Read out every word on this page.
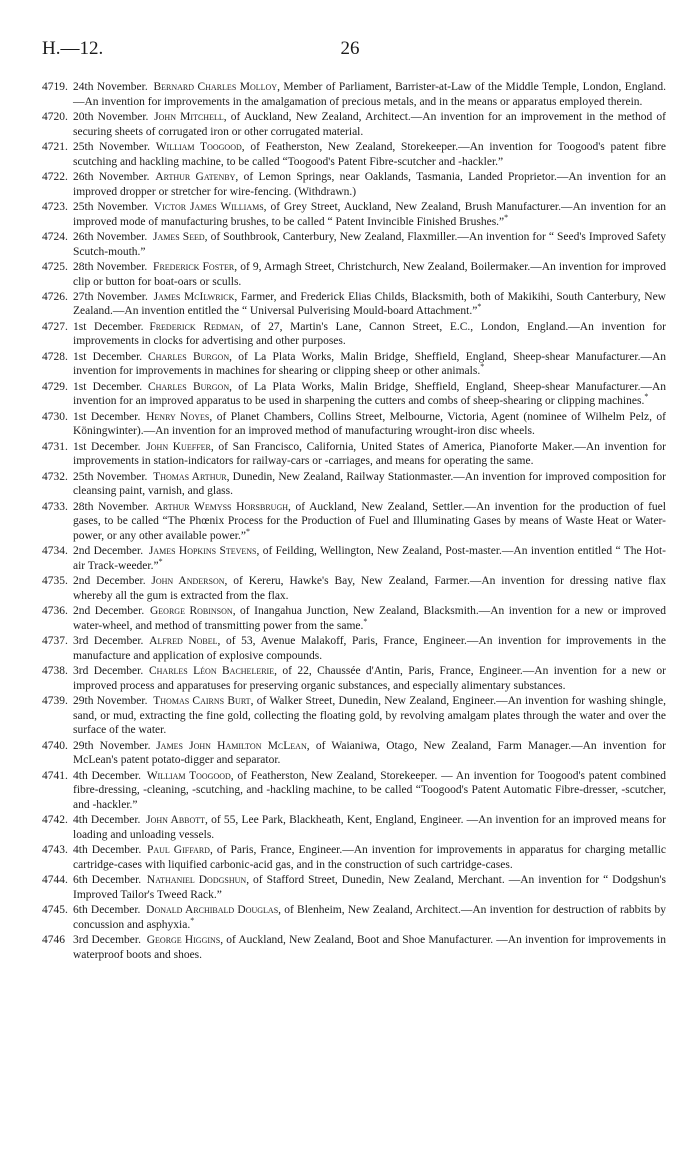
H.—12.	26

4719. 24th November.  Bernard Charles Molloy, Member of Parliament, Barrister-at-Law of the Middle Temple, London, England.—An invention for improvements in the amalgamation of precious metals, and in the means or apparatus employed therein.

4720. 20th November.  John Mitchell, of Auckland, New Zealand, Architect.—An invention for an improvement in the method of securing sheets of corrugated iron or other corrugated material.

4721. 25th November.  William Toogood, of Featherston, New Zealand, Storekeeper.—An invention for Toogood's patent fibre scutching and hackling machine, to be called “Toogood's Patent Fibre-scutcher and -hackler.”

4722. 26th November.  Arthur Gatenby, of Lemon Springs, near Oaklands, Tasmania, Landed Proprietor.—An invention for an improved dropper or stretcher for wire-fencing. (Withdrawn.)

4723. 25th November.  Victor James Williams, of Grey Street, Auckland, New Zealand, Brush Manufacturer.—An invention for an improved mode of manufacturing brushes, to be called “ Patent Invincible Finished Brushes.”*

4724. 26th November.  James Seed, of Southbrook, Canterbury, New Zealand, Flaxmiller.—An invention for “ Seed's Improved Safety Scutch-mouth.”

4725. 28th November.  Frederick Foster, of 9, Armagh Street, Christchurch, New Zealand, Boilermaker.—An invention for improved clip or button for boat-oars or sculls.

4726. 27th November.  James McIlwrick, Farmer, and Frederick Elias Childs, Blacksmith, both of Makikihi, South Canterbury, New Zealand.—An invention entitled the “ Universal Pulverising Mould-board Attachment.”*

4727. 1st December.  Frederick Redman, of 27, Martin's Lane, Cannon Street, E.C., London, England.—An invention for improvements in clocks for advertising and other purposes.

4728. 1st December.  Charles Burgon, of La Plata Works, Malin Bridge, Sheffield, England, Sheep-shear Manufacturer.—An invention for improvements in machines for shearing or clipping sheep or other animals.*

4729. 1st December.  Charles Burgon, of La Plata Works, Malin Bridge, Sheffield, England, Sheep-shear Manufacturer.—An invention for an improved apparatus to be used in sharpening the cutters and combs of sheep-shearing or clipping machines.*

4730. 1st December.  Henry Noyes, of Planet Chambers, Collins Street, Melbourne, Victoria, Agent (nominee of Wilhelm Pelz, of Köningwinter).—An invention for an improved method of manufacturing wrought-iron disc wheels.

4731. 1st December.  John Kueffer, of San Francisco, California, United States of America, Pianoforte Maker.—An invention for improvements in station-indicators for railway-cars or -carriages, and means for operating the same.

4732. 25th November.  Thomas Arthur, Dunedin, New Zealand, Railway Stationmaster.—An invention for improved composition for cleansing paint, varnish, and glass.

4733. 28th November.  Arthur Wemyss Horsbrugh, of Auckland, New Zealand, Settler.—An invention for the production of fuel gases, to be called “The Phœnix Process for the Production of Fuel and Illuminating Gases by means of Waste Heat or Water-power, or any other available power.”*

4734. 2nd December.  James Hopkins Stevens, of Feilding, Wellington, New Zealand, Post-master.—An invention entitled “ The Hot-air Track-weeder.”*

4735. 2nd December.  John Anderson, of Kereru, Hawke's Bay, New Zealand, Farmer.—An invention for dressing native flax whereby all the gum is extracted from the flax.

4736. 2nd December.  George Robinson, of Inangahua Junction, New Zealand, Blacksmith.—An invention for a new or improved water-wheel, and method of transmitting power from the same.*

4737. 3rd December.  Alfred Nobel, of 53, Avenue Malakoff, Paris, France, Engineer.—An invention for improvements in the manufacture and application of explosive compounds.

4738. 3rd December.  Charles Léon Bachelerie, of 22, Chaussée d'Antin, Paris, France, Engineer.—An invention for a new or improved process and apparatuses for preserving organic substances, and especially alimentary substances.

4739. 29th November.  Thomas Cairns Burt, of Walker Street, Dunedin, New Zealand, Engineer.—An invention for washing shingle, sand, or mud, extracting the fine gold, collecting the floating gold, by revolving amalgam plates through the water and over the surface of the water.

4740. 29th November.  James John Hamilton McLean, of Waianiwa, Otago, New Zealand, Farm Manager.—An invention for McLean's patent potato-digger and separator.

4741. 4th December.  William Toogood, of Featherston, New Zealand, Storekeeper. — An invention for Toogood's patent combined fibre-dressing, -cleaning, -scutching, and -hackling machine, to be called “Toogood's Patent Automatic Fibre-dresser, -scutcher, and -hackler.”

4742. 4th December.  John Abbott, of 55, Lee Park, Blackheath, Kent, England, Engineer. —An invention for an improved means for loading and unloading vessels.

4743. 4th December.  Paul Giffard, of Paris, France, Engineer.—An invention for improvements in apparatus for charging metallic cartridge-cases with liquified carbonic-acid gas, and in the construction of such cartridge-cases.

4744. 6th December.  Nathaniel Dodgshun, of Stafford Street, Dunedin, New Zealand, Merchant. —An invention for “ Dodgshun's Improved Tailor's Tweed Rack.”

4745. 6th December.  Donald Archibald Douglas, of Blenheim, New Zealand, Architect.—An invention for destruction of rabbits by concussion and asphyxia.*

4746 3rd December.  George Higgins, of Auckland, New Zealand, Boot and Shoe Manufacturer. —An invention for improvements in waterproof boots and shoes.
